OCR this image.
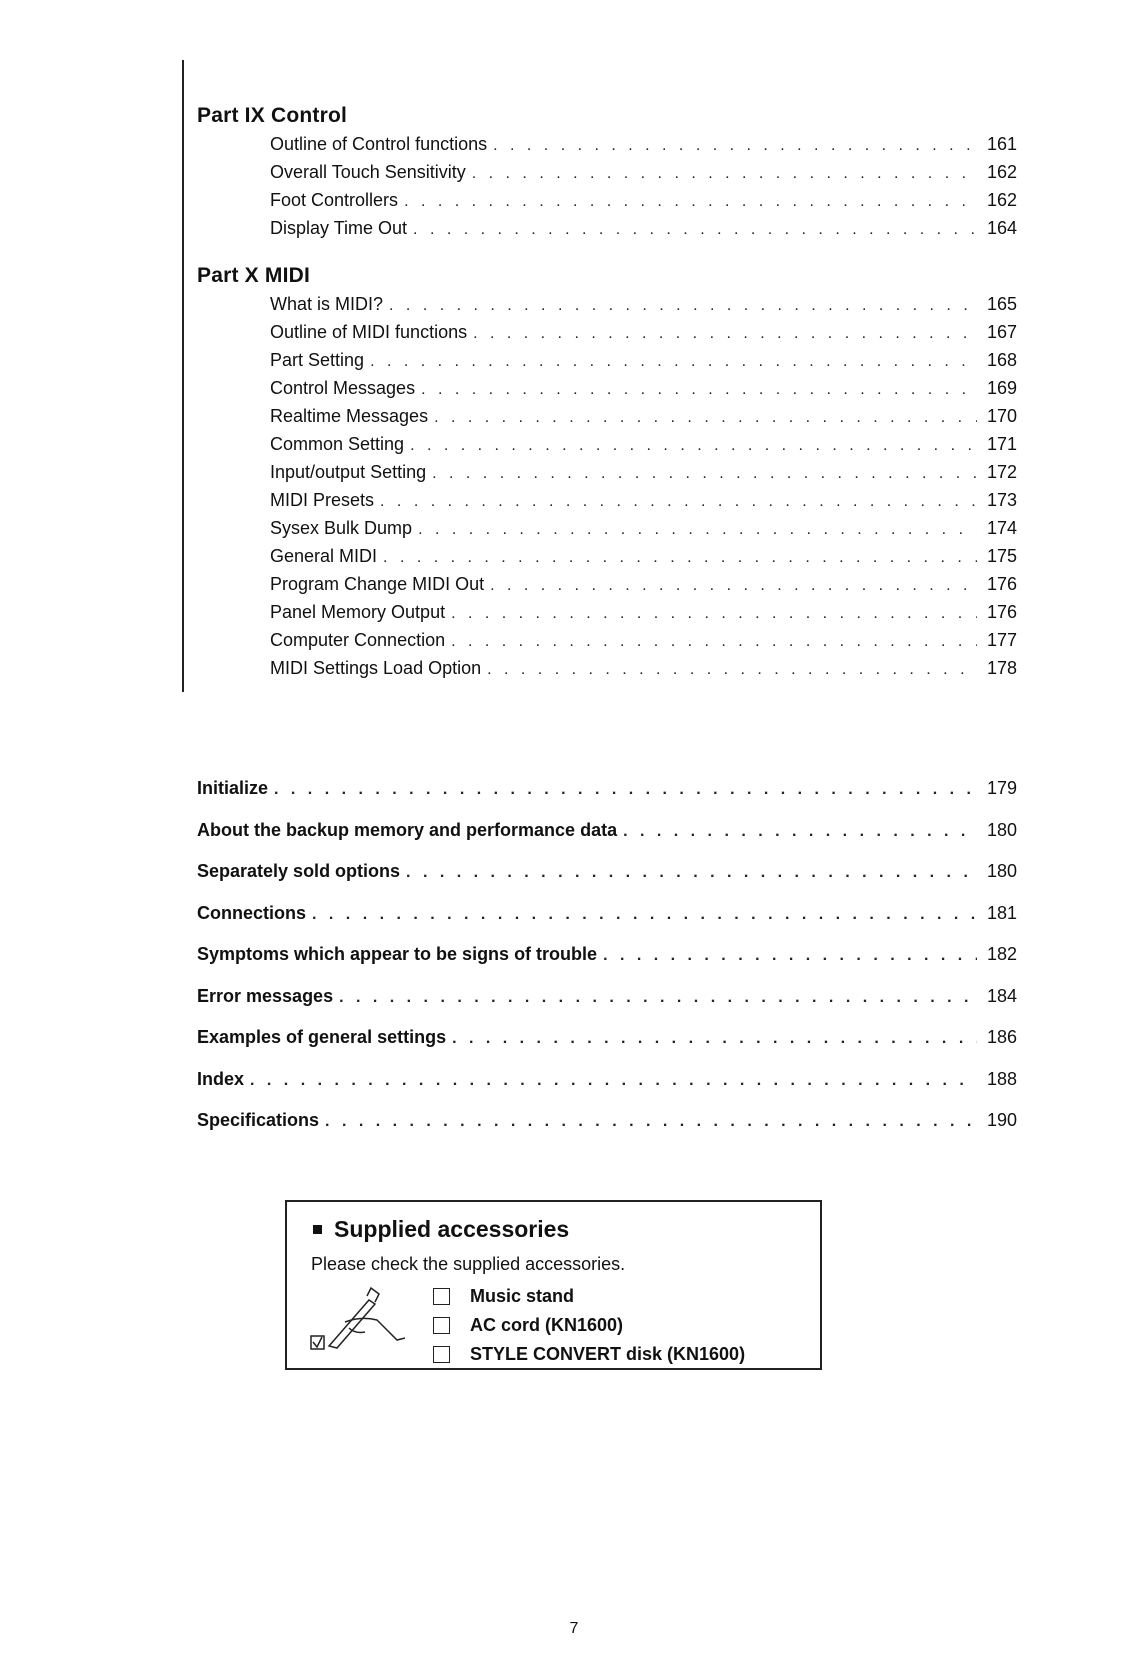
Part IX Control
Outline of Control functions . . .	161
Overall Touch Sensitivity . . .	162
Foot Controllers . . .	162
Display Time Out . . .	164
Part X MIDI
What is MIDI? . . .	165
Outline of MIDI functions . . .	167
Part Setting . . .	168
Control Messages . . .	169
Realtime Messages . . .	170
Common Setting . . .	171
Input/output Setting . . .	172
MIDI Presets . . .	173
Sysex Bulk Dump . . .	174
General MIDI . . .	175
Program Change MIDI Out . . .	176
Panel Memory Output . . .	176
Computer Connection . . .	177
MIDI Settings Load Option . . .	178
Initialize . . .	179
About the backup memory and performance data . . .	180
Separately sold options . . .	180
Connections . . .	181
Symptoms which appear to be signs of trouble . . .	182
Error messages . . .	184
Examples of general settings . . .	186
Index . . .	188
Specifications . . .	190
Supplied accessories
Please check the supplied accessories.
Music stand
AC cord (KN1600)
STYLE CONVERT disk (KN1600)
7
